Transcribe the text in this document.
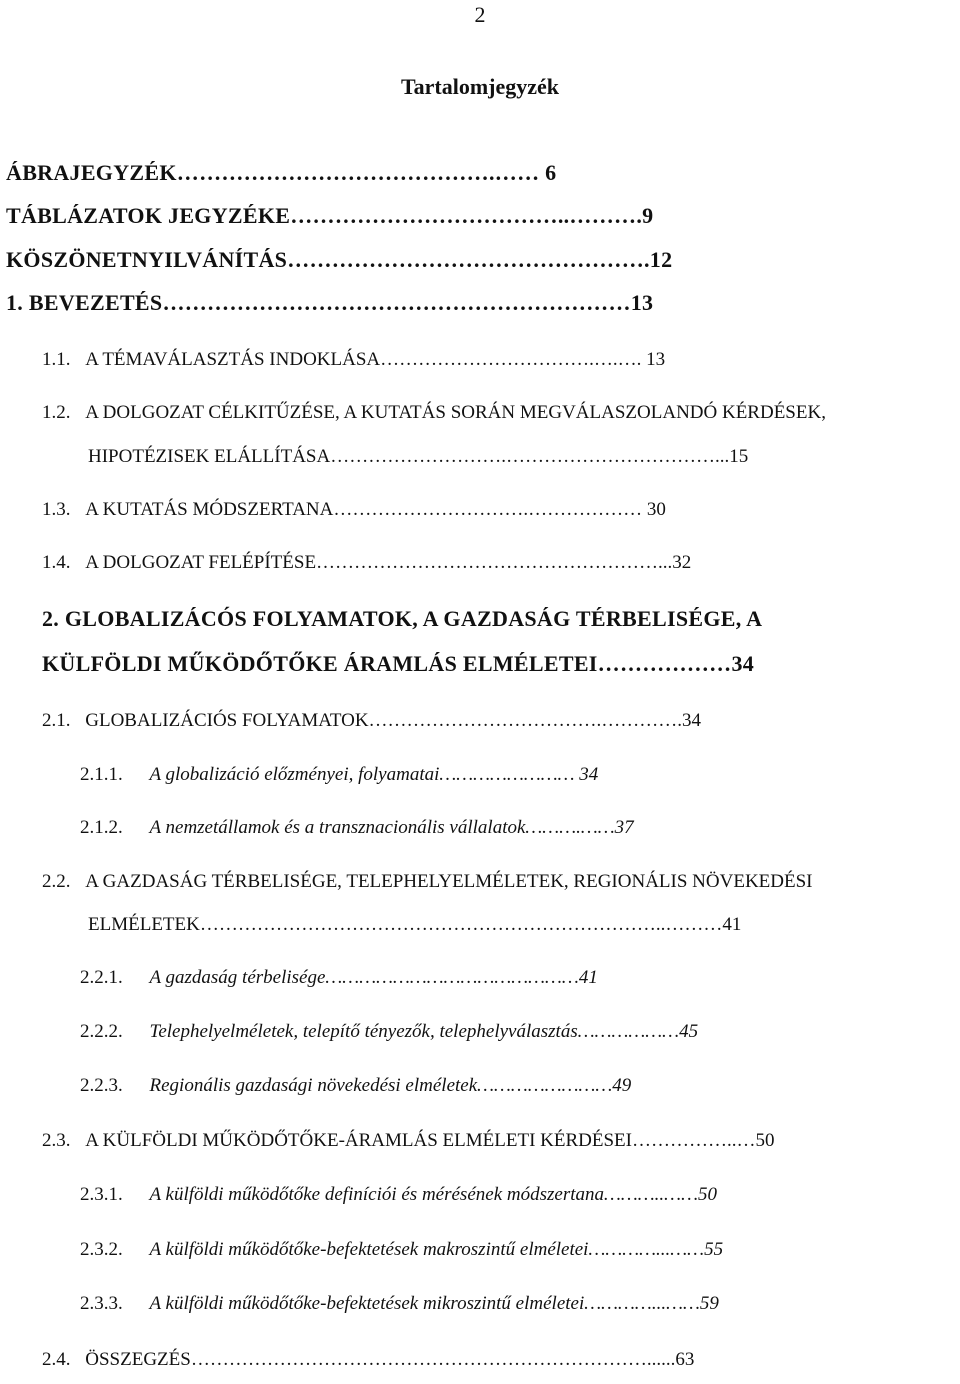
2
Tartalomjegyzék
ÁBRAJEGYZÉK…………………………………….…… 6
TÁBLÁZATOK JEGYZÉKE………………………………..……….9
KÖSZÖNETNYILVÁNÍTÁS………………………………………….12
1. BEVEZETÉS………………………………………………………13
1.1. A TÉMAVÁLASZTÁS INDOKLÁSA…………………………….….…. 13
1.2. A DOLGOZAT CÉLKITŰZÉSE, A KUTATÁS SORÁN MEGVÁLASZOLANDÓ KÉRDÉSEK,
HIPOTÉZISEK ELÁLLÍTÁSA……………………….……………………………...15
1.3. A KUTATÁS MÓDSZERTANA………………………….……………… 30
1.4. A DOLGOZAT FELÉPÍTÉSE………………………………………………...32
2. GLOBALIZÁCÓS FOLYAMATOK, A GAZDASÁG TÉRBELISÉGE, A
KÜLFÖLDI MŰKÖDŐTŐKE ÁRAMLÁS ELMÉLETEI………………34
2.1. GLOBALIZÁCIÓS FOLYAMATOK……………………………….………….34
2.1.1. A globalizáció előzményei, folyamatai…………………… 34
2.1.2. A nemzetállamok és a transznacionális vállalatok……….……37
2.2. A GAZDASÁG TÉRBELISÉGE, TELEPHELYELMÉLETEK, REGIONÁLIS NÖVEKEDÉSI
ELMÉLETEK………………………………………………………………..………41
2.2.1. A gazdaság térbelisége………………………………………41
2.2.2. Telephelyelméletek, telepítő tényezők, telephelyválasztás………………45
2.2.3. Regionális gazdasági növekedési elméletek……………………49
2.3. A KÜLFÖLDI MŰKÖDŐTŐKE-ÁRAMLÁS ELMÉLETI KÉRDÉSEI……………..…50
2.3.1. A külföldi működőtőke definíciói és mérésének módszertana………..……50
2.3.2. A külföldi működőtőke-befektetések makroszintű elméletei…………...……55
2.3.3. A külföldi működőtőke-befektetések mikroszintű elméletei…………...……59
2.4. ÖSSZEGZÉS………………………………………………………………......63
